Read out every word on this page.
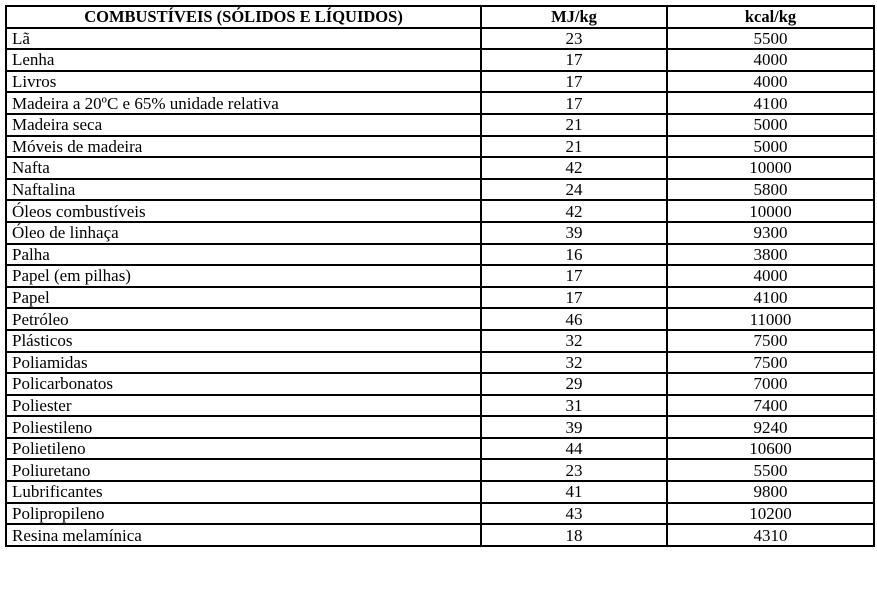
COMBUSTÍVEIS (SÓLIDOS E LÍQUIDOS)	MJ/kg	kcal/kg
Lã	23	5500
Lenha	17	4000
Livros	17	4000
Madeira a 20ºC e 65% unidade relativa	17	4100
Madeira seca	21	5000
Móveis de madeira	21	5000
Nafta	42	10000
Naftalina	24	5800
Óleos combustíveis	42	10000
Óleo de linhaça	39	9300
Palha	16	3800
Papel (em pilhas)	17	4000
Papel	17	4100
Petróleo	46	11000
Plásticos	32	7500
Poliamidas	32	7500
Policarbonatos	29	7000
Poliester	31	7400
Poliestileno	39	9240
Polietileno	44	10600
Poliuretano	23	5500
Lubrificantes	41	9800
Polipropileno	43	10200
Resina melamínica	18	4310
